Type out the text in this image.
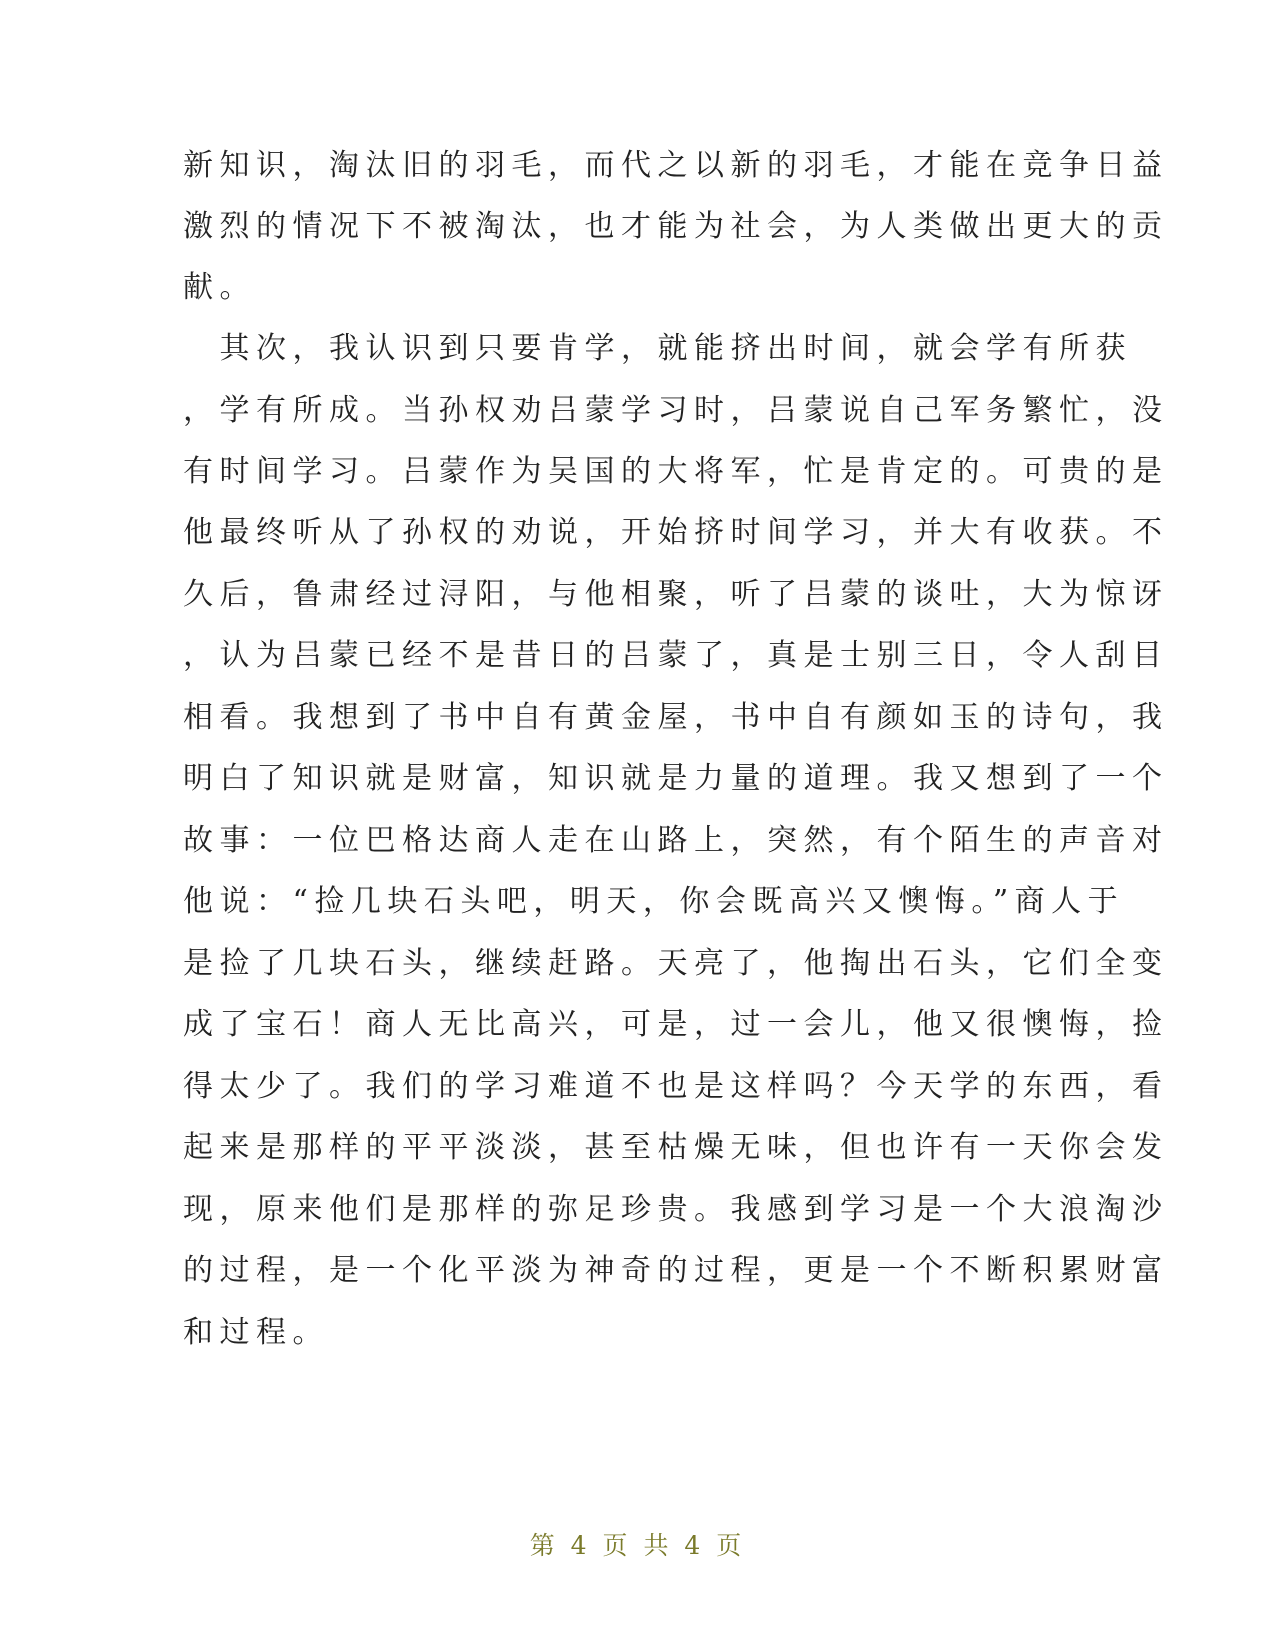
新知识，淘汰旧的羽毛，而代之以新的羽毛，才能在竞争日益
激烈的情况下不被淘汰，也才能为社会，为人类做出更大的贡
献。
　其次，我认识到只要肯学，就能挤出时间，就会学有所获
，学有所成。当孙权劝吕蒙学习时，吕蒙说自己军务繁忙，没
有时间学习。吕蒙作为吴国的大将军，忙是肯定的。可贵的是
他最终听从了孙权的劝说，开始挤时间学习，并大有收获。不
久后，鲁肃经过浔阳，与他相聚，听了吕蒙的谈吐，大为惊讶
，认为吕蒙已经不是昔日的吕蒙了，真是士别三日，令人刮目
相看。我想到了书中自有黄金屋，书中自有颜如玉的诗句，我
明白了知识就是财富，知识就是力量的道理。我又想到了一个
故事：一位巴格达商人走在山路上，突然，有个陌生的声音对
他说：“捡几块石头吧，明天，你会既高兴又懊悔。”商人于
是捡了几块石头，继续赶路。天亮了，他掏出石头，它们全变
成了宝石！商人无比高兴，可是，过一会儿，他又很懊悔，捡
得太少了。我们的学习难道不也是这样吗？今天学的东西，看
起来是那样的平平淡淡，甚至枯燥无味，但也许有一天你会发
现，原来他们是那样的弥足珍贵。我感到学习是一个大浪淘沙
的过程，是一个化平淡为神奇的过程，更是一个不断积累财富
和过程。
第 4 页 共 4 页
